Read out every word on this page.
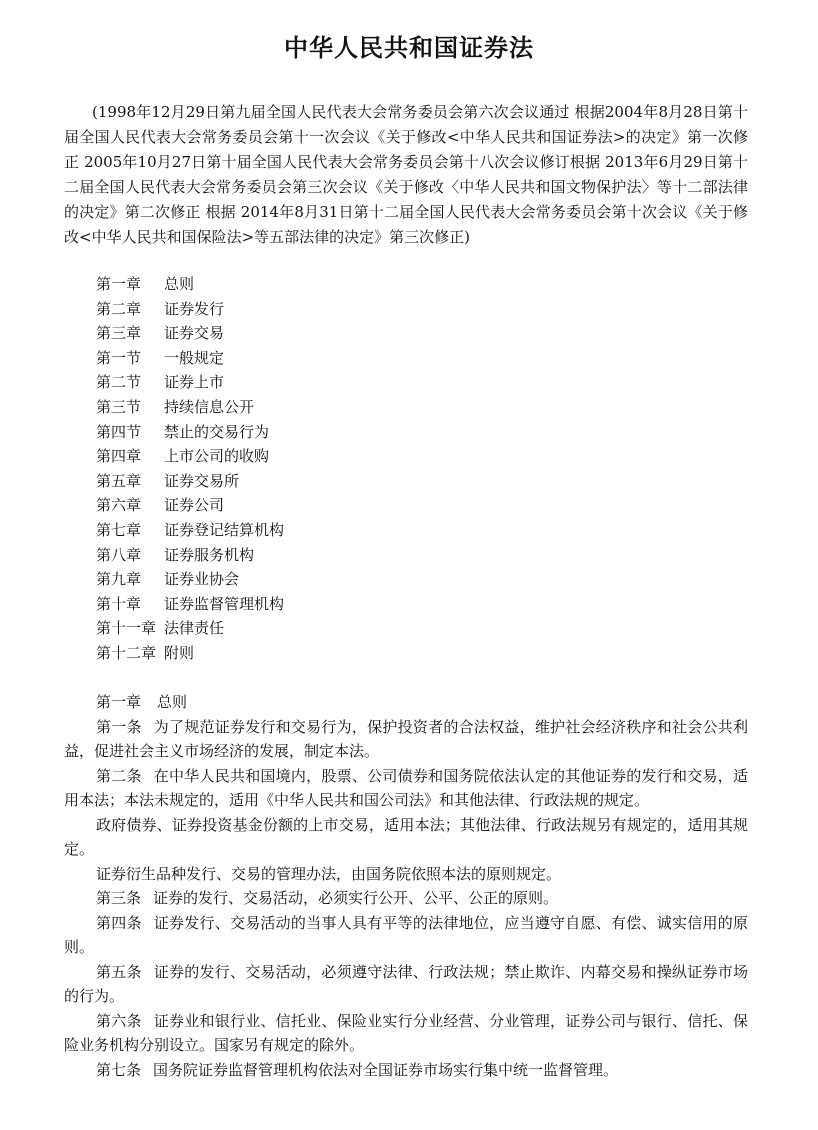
中华人民共和国证券法
(1998年12月29日第九届全国人民代表大会常务委员会第六次会议通过 根据2004年8月28日第十届全国人民代表大会常务委员会第十一次会议《关于修改<中华人民共和国证券法>的决定》第一次修正 2005年10月27日第十届全国人民代表大会常务委员会第十八次会议修订根据 2013年6月29日第十二届全国人民代表大会常务委员会第三次会议《关于修改〈中华人民共和国文物保护法〉等十二部法律的决定》第二次修正 根据 2014年8月31日第十二届全国人民代表大会常务委员会第十次会议《关于修改<中华人民共和国保险法>等五部法律的决定》第三次修正)
第一章 总则
第二章 证券发行
第三章 证券交易
第一节 一般规定
第二节 证券上市
第三节 持续信息公开
第四节 禁止的交易行为
第四章 上市公司的收购
第五章 证券交易所
第六章 证券公司
第七章 证券登记结算机构
第八章 证券服务机构
第九章 证券业协会
第十章 证券监督管理机构
第十一章 法律责任
第十二章 附则
第一章 总则
第一条 为了规范证券发行和交易行为，保护投资者的合法权益，维护社会经济秩序和社会公共利益，促进社会主义市场经济的发展，制定本法。
第二条 在中华人民共和国境内，股票、公司债券和国务院依法认定的其他证券的发行和交易，适用本法；本法未规定的，适用《中华人民共和国公司法》和其他法律、行政法规的规定。
政府债券、证券投资基金份额的上市交易，适用本法；其他法律、行政法规另有规定的，适用其规定。
证券衍生品种发行、交易的管理办法，由国务院依照本法的原则规定。
第三条 证券的发行、交易活动，必须实行公开、公平、公正的原则。
第四条 证券发行、交易活动的当事人具有平等的法律地位，应当遵守自愿、有偿、诚实信用的原则。
第五条 证券的发行、交易活动，必须遵守法律、行政法规；禁止欺诈、内幕交易和操纵证券市场的行为。
第六条 证券业和银行业、信托业、保险业实行分业经营、分业管理，证券公司与银行、信托、保险业务机构分别设立。国家另有规定的除外。
第七条 国务院证券监督管理机构依法对全国证券市场实行集中统一监督管理。
